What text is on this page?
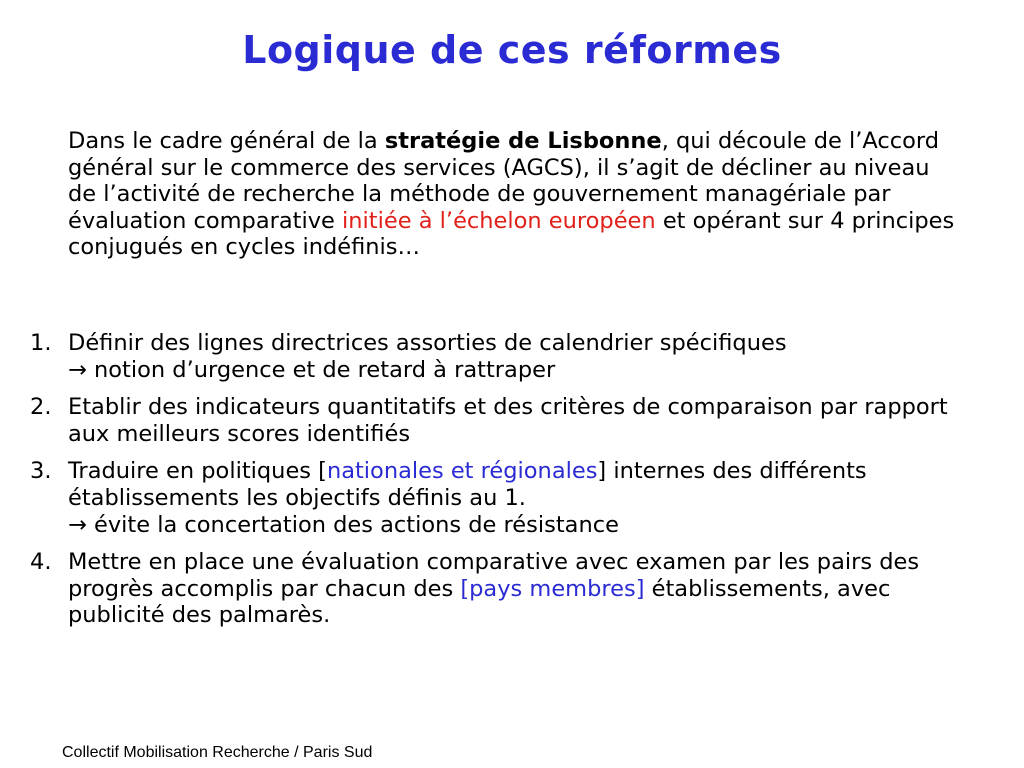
Logique de ces réformes

Dans le cadre général de la stratégie de Lisbonne, qui découle de l’Accord général sur le commerce des services (AGCS), il s’agit de décliner au niveau de l’activité de recherche la méthode de gouvernement managériale par évaluation comparative initiée à l’échelon européen et opérant sur 4 principes conjugués en cycles indéfinis…

1. Définir des lignes directrices assorties de calendrier spécifiques
→ notion d’urgence et de retard à rattraper
2. Etablir des indicateurs quantitatifs et des critères de comparaison par rapport aux meilleurs scores identifiés
3. Traduire en politiques [nationales et régionales] internes des différents établissements les objectifs définis au 1.
→ évite la concertation des actions de résistance
4. Mettre en place une évaluation comparative avec examen par les pairs des progrès accomplis par chacun des [pays membres] établissements, avec publicité des palmarès.
Collectif Mobilisation Recherche / Paris Sud
